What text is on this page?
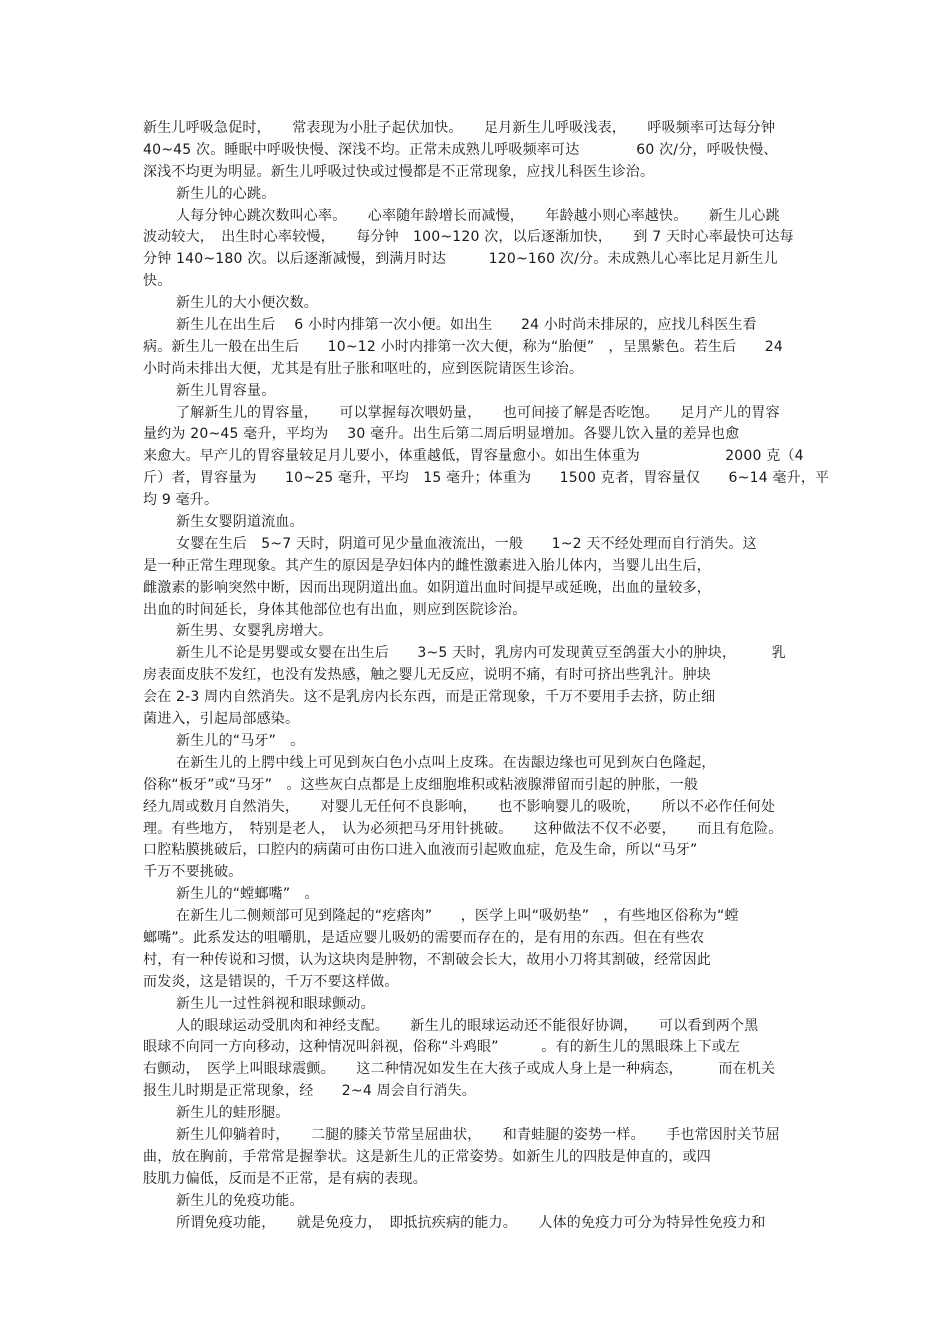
新生儿呼吸急促时，　　常表现为小肚子起伏加快。　　足月新生儿呼吸浅表，　　呼吸频率可达每分钟
40~45 次。睡眠中呼吸快慢、深浅不均。正常未成熟儿呼吸频率可达　　　　60 次/分，呼吸快慢、
深浅不均更为明显。新生儿呼吸过快或过慢都是不正常现象，应找儿科医生诊治。
新生儿的心跳。
人每分钟心跳次数叫心率。　　心率随年龄增长而减慢，　　年龄越小则心率越快。　　新生儿心跳
波动较大，　出生时心率较慢，　　每分钟　100~120 次，以后逐渐加快，　　到 7 天时心率最快可达每
分钟 140~180 次。以后逐渐减慢，到满月时达　　　120~160 次/分。未成熟儿心率比足月新生儿
快。
新生儿的大小便次数。
新生儿在出生后　 6 小时内排第一次小便。如出生　　24 小时尚未排尿的，应找儿科医生看
病。新生儿一般在出生后　　10~12 小时内排第一次大便，称为“胎便”　，呈黑紫色。若生后　　24
小时尚未排出大便，尤其是有肚子胀和呕吐的，应到医院请医生诊治。
新生儿胃容量。
了解新生儿的胃容量，　　可以掌握每次喂奶量，　　也可间接了解是否吃饱。　　足月产儿的胃容
量约为 20~45 毫升，平均为　 30 毫升。出生后第二周后明显增加。各婴儿饮入量的差异也愈
来愈大。早产儿的胃容量较足月儿要小，体重越低，胃容量愈小。如出生体重为　　　　　　2000 克（4
斤）者，胃容量为　　10~25 毫升，平均　15 毫升；体重为　　1500 克者，胃容量仅　　6~14 毫升，平
均 9 毫升。
新生女婴阴道流血。
女婴在生后　5~7 天时，阴道可见少量血液流出，一般　　1~2 天不经处理而自行消失。这
是一种正常生理现象。其产生的原因是孕妇体内的雌性激素进入胎儿体内，当婴儿出生后，
雌激素的影响突然中断，因而出现阴道出血。如阴道出血时间提早或延晚，出血的量较多，
出血的时间延长，身体其他部位也有出血，则应到医院诊治。
新生男、女婴乳房增大。
新生儿不论是男婴或女婴在出生后　　3~5 天时，乳房内可发现黄豆至鸽蛋大小的肿块，　　　乳
房表面皮肤不发红，也没有发热感，触之婴儿无反应，说明不痛，有时可挤出些乳汁。肿块
会在 2-3 周内自然消失。这不是乳房内长东西，而是正常现象，千万不要用手去挤，防止细
菌进入，引起局部感染。
新生儿的“马牙”　。
在新生儿的上腭中线上可见到灰白色小点叫上皮珠。在齿龈边缘也可见到灰白色隆起，
俗称“板牙”或“马牙”　。这些灰白点都是上皮细胞堆积或粘液腺滞留而引起的肿胀，一般
经九周或数月自然消失，　　对婴儿无任何不良影响，　　也不影响婴儿的吸吮，　　所以不必作任何处
理。有些地方，　特别是老人，　认为必须把马牙用针挑破。　　这种做法不仅不必要，　　而且有危险。
口腔粘膜挑破后，口腔内的病菌可由伤口进入血液而引起败血症，危及生命，所以“马牙”
千万不要挑破。
新生儿的“螳螂嘴”　。
在新生儿二侧颊部可见到隆起的“疙瘩肉”　　，医学上叫“吸奶垫”　，有些地区俗称为“螳
螂嘴”。此系发达的咀嚼肌，是适应婴儿吸奶的需要而存在的，是有用的东西。但在有些农
村，有一种传说和习惯，认为这块肉是肿物，不割破会长大，故用小刀将其割破，经常因此
而发炎，这是错误的，千万不要这样做。
新生儿一过性斜视和眼球颤动。
人的眼球运动受肌肉和神经支配。　　新生儿的眼球运动还不能很好协调，　　可以看到两个黑
眼球不向同一方向移动，这种情况叫斜视，俗称“斗鸡眼”　　　。有的新生儿的黑眼珠上下或左
右颤动，　医学上叫眼球震颤。　　这二种情况如发生在大孩子或成人身上是一种病态，　　　而在机关
报生儿时期是正常现象，经　　2~4 周会自行消失。
新生儿的蛙形腿。
新生儿仰躺着时，　　二腿的膝关节常呈屈曲状，　　和青蛙腿的姿势一样。　　手也常因肘关节屈
曲，放在胸前，手常常是握拳状。这是新生儿的正常姿势。如新生儿的四肢是伸直的，或四
肢肌力偏低，反而是不正常，是有病的表现。
新生儿的免疫功能。
所谓免疫功能，　　就是免疫力，　即抵抗疾病的能力。　　人体的免疫力可分为特异性免疫力和
